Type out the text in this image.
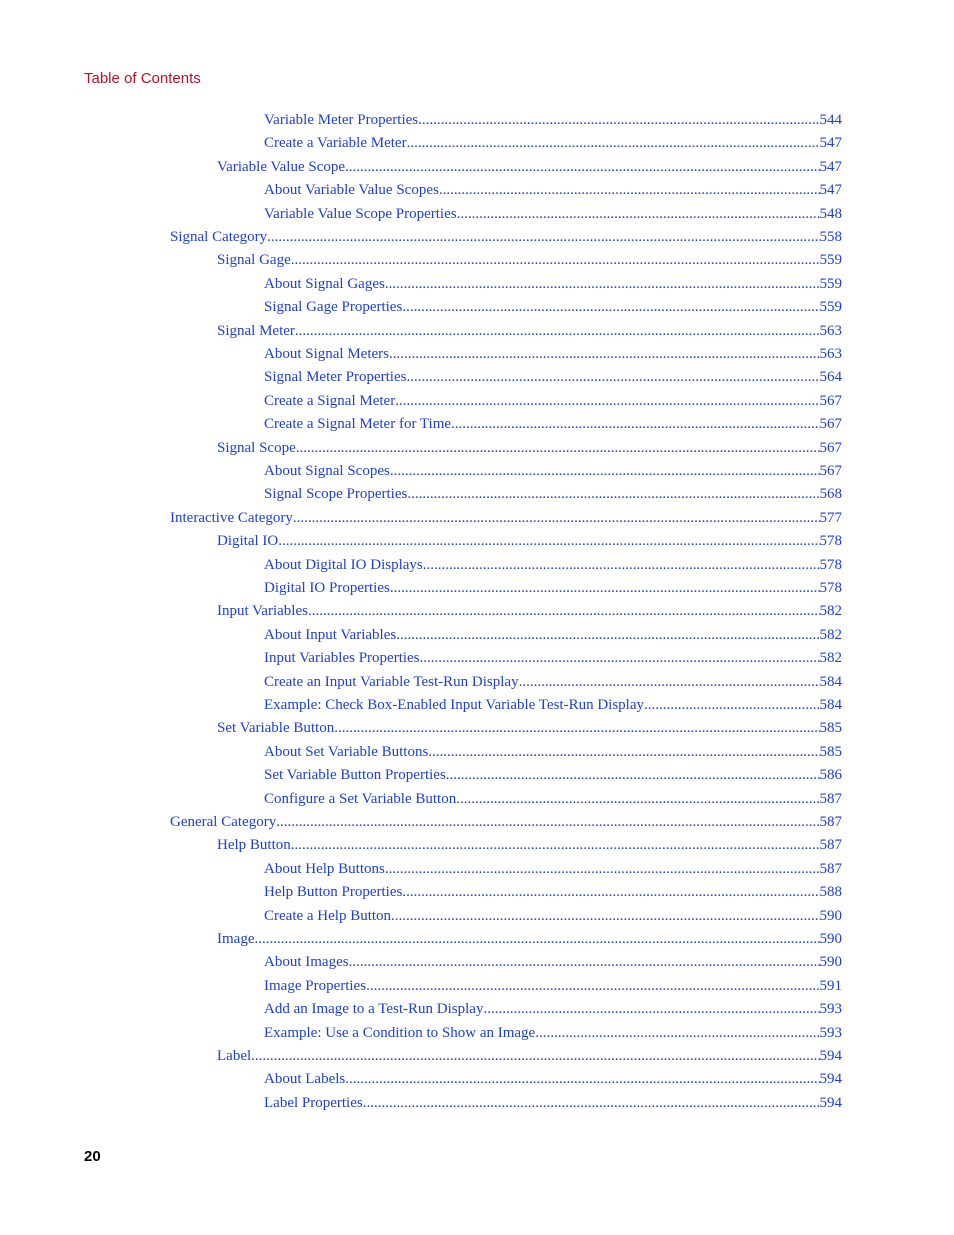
Table of Contents
Variable Meter Properties .....	544
Create a Variable Meter .....	547
Variable Value Scope .....	547
About Variable Value Scopes .....	547
Variable Value Scope Properties .....	548
Signal Category .....	558
Signal Gage .....	559
About Signal Gages .....	559
Signal Gage Properties .....	559
Signal Meter .....	563
About Signal Meters .....	563
Signal Meter Properties .....	564
Create a Signal Meter .....	567
Create a Signal Meter for Time .....	567
Signal Scope .....	567
About Signal Scopes .....	567
Signal Scope Properties .....	568
Interactive Category .....	577
Digital IO .....	578
About Digital IO Displays .....	578
Digital IO Properties .....	578
Input Variables .....	582
About Input Variables .....	582
Input Variables Properties .....	582
Create an Input Variable Test-Run Display .....	584
Example: Check Box-Enabled Input Variable Test-Run Display .....	584
Set Variable Button .....	585
About Set Variable Buttons .....	585
Set Variable Button Properties .....	586
Configure a Set Variable Button .....	587
General Category .....	587
Help Button .....	587
About Help Buttons .....	587
Help Button Properties .....	588
Create a Help Button .....	590
Image .....	590
About Images .....	590
Image Properties .....	591
Add an Image to a Test-Run Display .....	593
Example: Use a Condition to Show an Image .....	593
Label .....	594
About Labels .....	594
Label Properties .....	594
20
